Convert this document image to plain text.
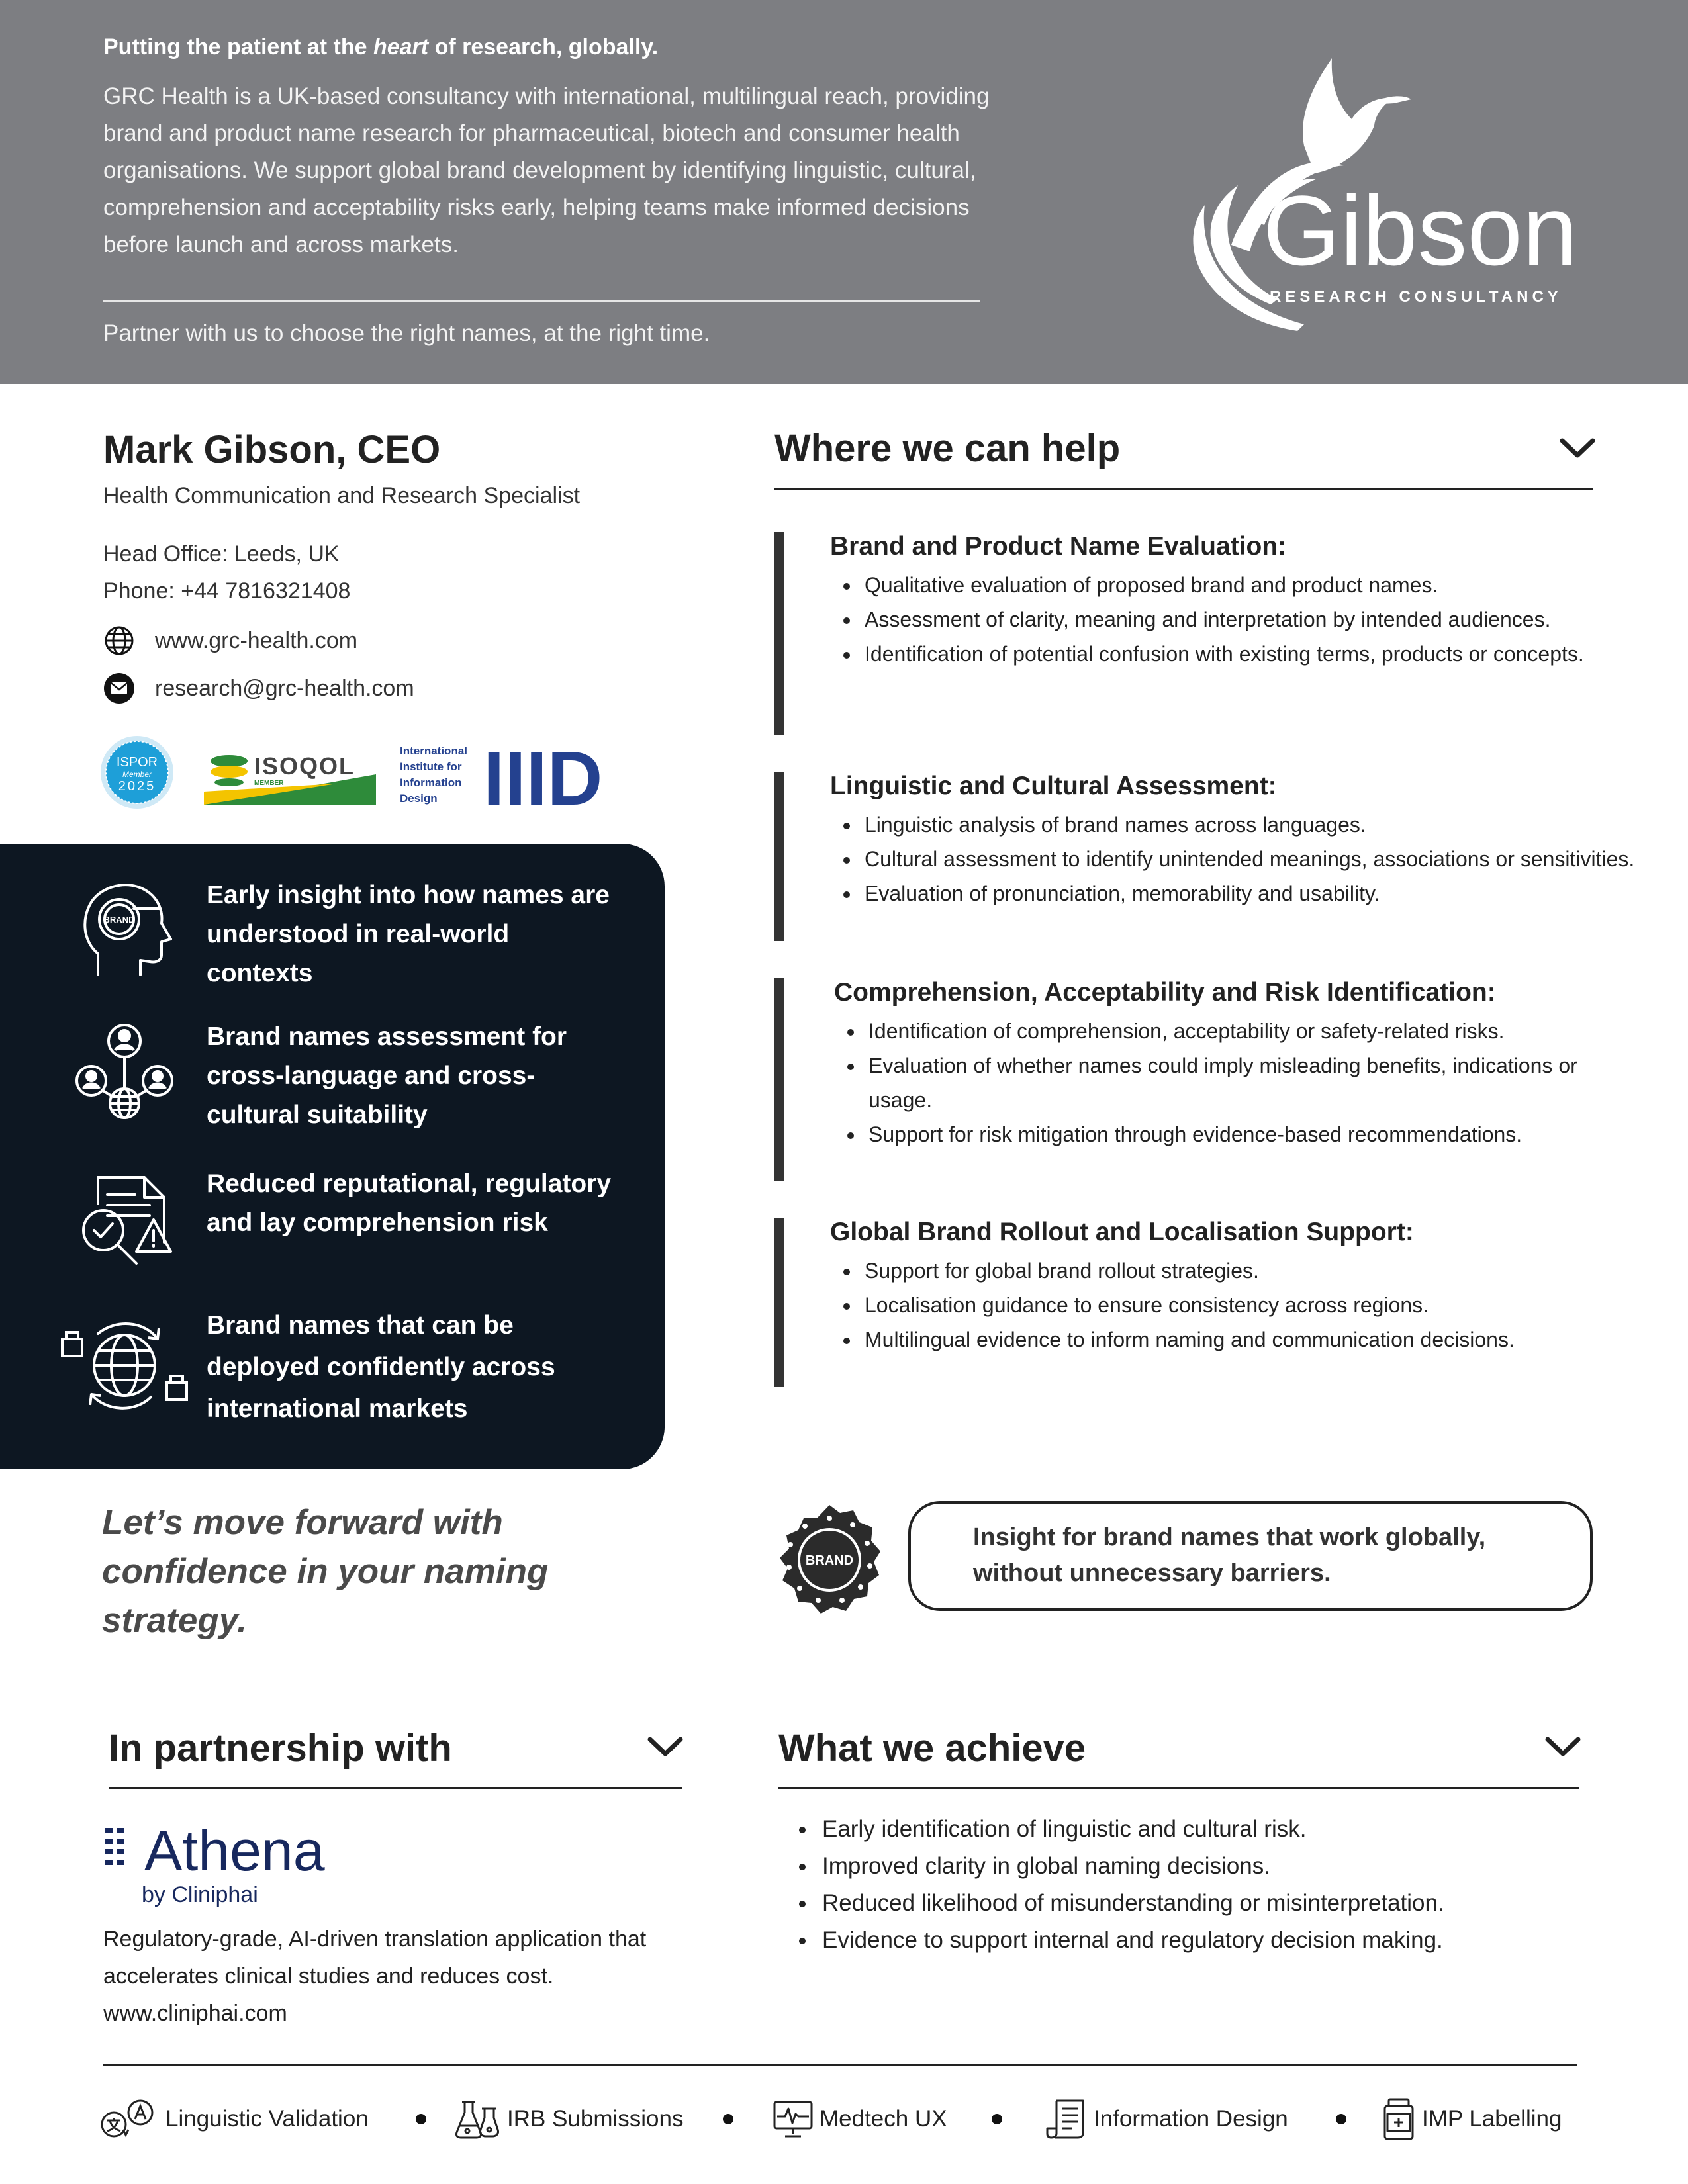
Putting the patient at the heart of research, globally.
GRC Health is a UK-based consultancy with international, multilingual reach, providing brand and product name research for pharmaceutical, biotech and consumer health organisations. We support global brand development by identifying linguistic, cultural, comprehension and acceptability risks early, helping teams make informed decisions before launch and across markets.
Partner with us to choose the right names, at the right time.
Gibson
RESEARCH CONSULTANCY
Mark Gibson, CEO
Health Communication and Research Specialist
Head Office: Leeds, UK
Phone: +44 7816321408
www.grc-health.com
research@grc-health.com
ISPOR
Member
2025
ISOQOL
MEMBER
International
Institute for
Information
Design IIID
BRAND
Early insight into how names are understood in real-world contexts
Brand names assessment for cross-language and cross-cultural suitability
Reduced reputational, regulatory and lay comprehension risk
Brand names that can be deployed confidently across international markets
Let’s move forward with confidence in your naming strategy.
Where we can help
Brand and Product Name Evaluation:
• Qualitative evaluation of proposed brand and product names.
• Assessment of clarity, meaning and interpretation by intended audiences.
• Identification of potential confusion with existing terms, products or concepts.
Linguistic and Cultural Assessment:
• Linguistic analysis of brand names across languages.
• Cultural assessment to identify unintended meanings, associations or sensitivities.
• Evaluation of pronunciation, memorability and usability.
Comprehension, Acceptability and Risk Identification:
• Identification of comprehension, acceptability or safety-related risks.
• Evaluation of whether names could imply misleading benefits, indications or usage.
• Support for risk mitigation through evidence-based recommendations.
Global Brand Rollout and Localisation Support:
• Support for global brand rollout strategies.
• Localisation guidance to ensure consistency across regions.
• Multilingual evidence to inform naming and communication decisions.
BRAND
Insight for brand names that work globally, without unnecessary barriers.
In partnership with
Athena
by Cliniphai
Regulatory-grade, AI-driven translation application that accelerates clinical studies and reduces cost.
www.cliniphai.com
What we achieve
• Early identification of linguistic and cultural risk.
• Improved clarity in global naming decisions.
• Reduced likelihood of misunderstanding or misinterpretation.
• Evidence to support internal and regulatory decision making.
Linguistic Validation	IRB Submissions	Medtech UX	Information Design	IMP Labelling
